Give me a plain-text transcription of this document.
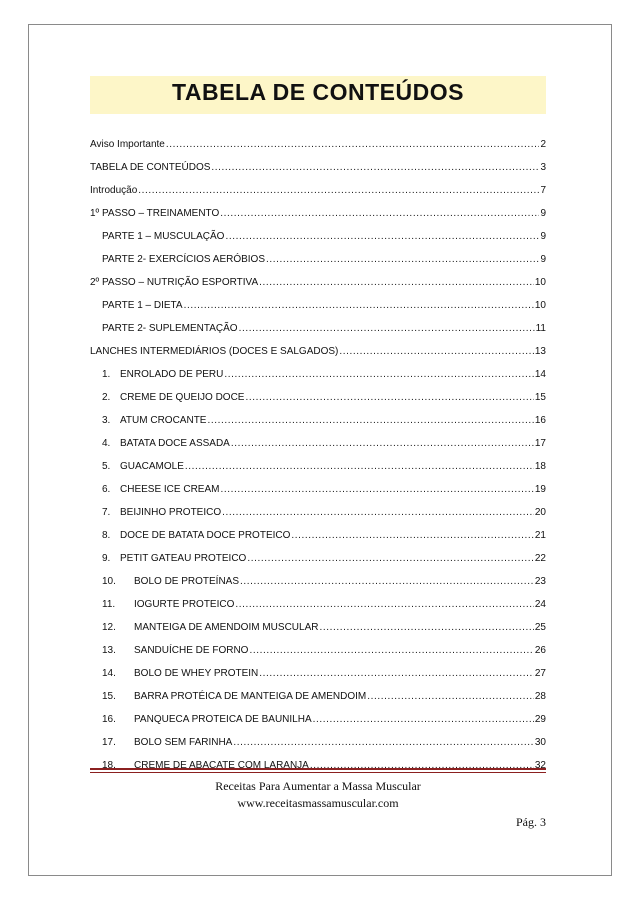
TABELA DE CONTEÚDOS
Aviso Importante .....	2
TABELA DE CONTEÚDOS .....	3
Introdução .....	7
1º PASSO – TREINAMENTO .....	9
PARTE 1 – MUSCULAÇÃO .....	9
PARTE 2- EXERCÍCIOS AERÓBIOS .....	9
2º PASSO – NUTRIÇÃO ESPORTIVA .....	10
PARTE 1 – DIETA .....	10
PARTE 2- SUPLEMENTAÇÃO .....	11
LANCHES INTERMEDIÁRIOS (DOCES E SALGADOS) .....	13
1. ENROLADO DE PERU .....	14
2. CREME DE QUEIJO DOCE .....	15
3. ATUM CROCANTE .....	16
4. BATATA DOCE ASSADA .....	17
5. GUACAMOLE .....	18
6. CHEESE ICE CREAM .....	19
7. BEIJINHO PROTEICO .....	20
8. DOCE DE BATATA DOCE PROTEICO .....	21
9. PETIT GATEAU PROTEICO .....	22
10.	BOLO DE PROTEÍNAS .....	23
11.	IOGURTE PROTEICO .....	24
12.	MANTEIGA DE AMENDOIM MUSCULAR .....	25
13.	SANDUÍCHE DE FORNO .....	26
14.	BOLO DE WHEY PROTEIN .....	27
15.	BARRA PROTÉICA DE MANTEIGA DE AMENDOIM .....	28
16.	PANQUECA PROTEICA DE BAUNILHA .....	29
17.	BOLO SEM FARINHA .....	30
18.	CREME DE ABACATE COM LARANJA .....	32
Receitas Para Aumentar a Massa Muscular
www.receitasmassamuscular.com
Pág. 3
